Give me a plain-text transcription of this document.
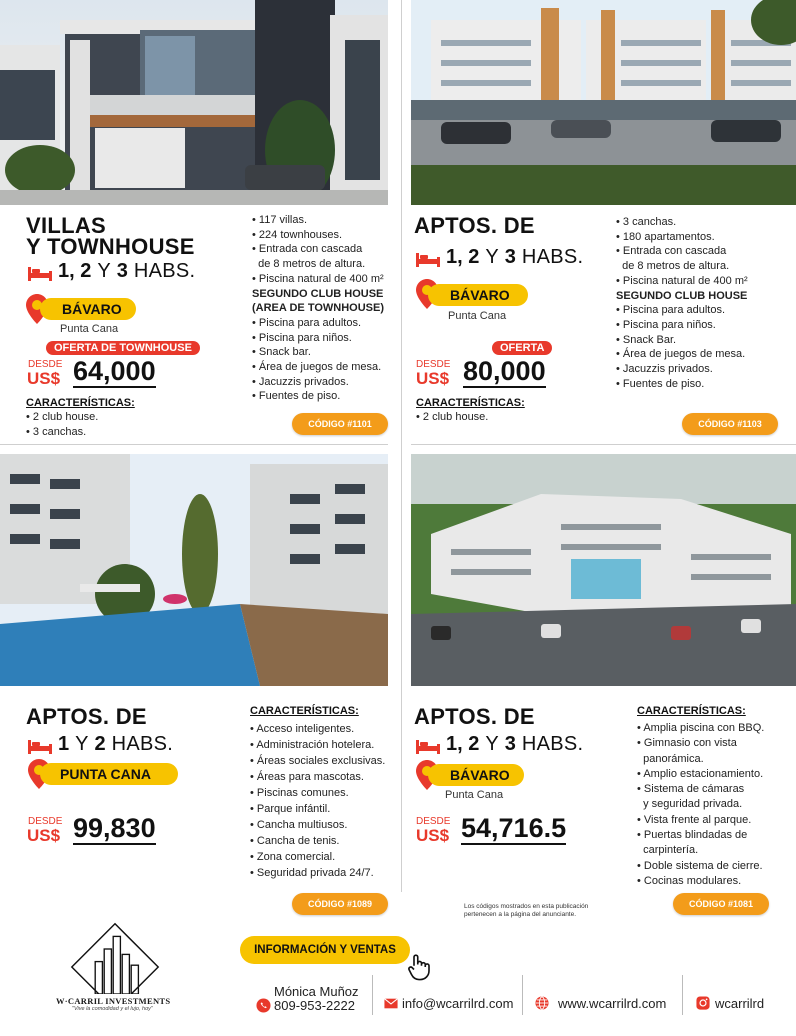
VILLAS
Y TOWNHOUSE
1, 2 Y 3 HABS.
BÁVARO
Punta Cana
OFERTA DE TOWNHOUSE
DESDE
US$ 64,000
CARACTERÍSTICAS:
• 2 club house.
• 3 canchas.
• 117 villas.
• 224 townhouses.
• Entrada con cascada
de 8 metros de altura.
• Piscina natural de 400 m²
SEGUNDO CLUB HOUSE
(AREA DE TOWNHOUSE)
• Piscina para adultos.
• Piscina para niños.
• Snack bar.
• Área de juegos de mesa.
• Jacuzzis privados.
• Fuentes de piso.
CÓDIGO #1101
APTOS. DE
1, 2 Y 3 HABS.
BÁVARO
Punta Cana
OFERTA
DESDE
US$ 80,000
CARACTERÍSTICAS:
• 2 club house.
• 3 canchas.
• 180 apartamentos.
• Entrada con cascada
de 8 metros de altura.
• Piscina natural de 400 m²
SEGUNDO CLUB HOUSE
• Piscina para adultos.
• Piscina para niños.
• Snack Bar.
• Área de juegos de mesa.
• Jacuzzis privados.
• Fuentes de piso.
CÓDIGO #1103
APTOS. DE
1 Y 2 HABS.
PUNTA CANA
DESDE
US$ 99,830
CARACTERÍSTICAS:
• Acceso inteligentes.
• Administración hotelera.
• Áreas sociales exclusivas.
• Áreas para mascotas.
• Piscinas comunes.
• Parque infántil.
• Cancha multiusos.
• Cancha de tenis.
• Zona comercial.
• Seguridad privada 24/7.
CÓDIGO #1089
APTOS. DE
1, 2 Y 3 HABS.
BÁVARO
Punta Cana
DESDE
US$ 54,716.5
CARACTERÍSTICAS:
• Amplia piscina con BBQ.
• Gimnasio con vista
panorámica.
• Amplio estacionamiento.
• Sistema de cámaras
y seguridad privada.
• Vista frente al parque.
• Puertas blindadas de
carpintería.
• Doble sistema de cierre.
• Cocinas modulares.
Los códigos mostrados en esta publicación pertenecen a la página del anunciante.
CÓDIGO #1081
W·CARRIL INVESTMENTS
"Vive la comodidad y el lujo, hoy"
INFORMACIÓN Y VENTAS
Mónica Muñoz
809-953-2222	info@wcarrilrd.com	www.wcarrilrd.com	wcarrilrd
